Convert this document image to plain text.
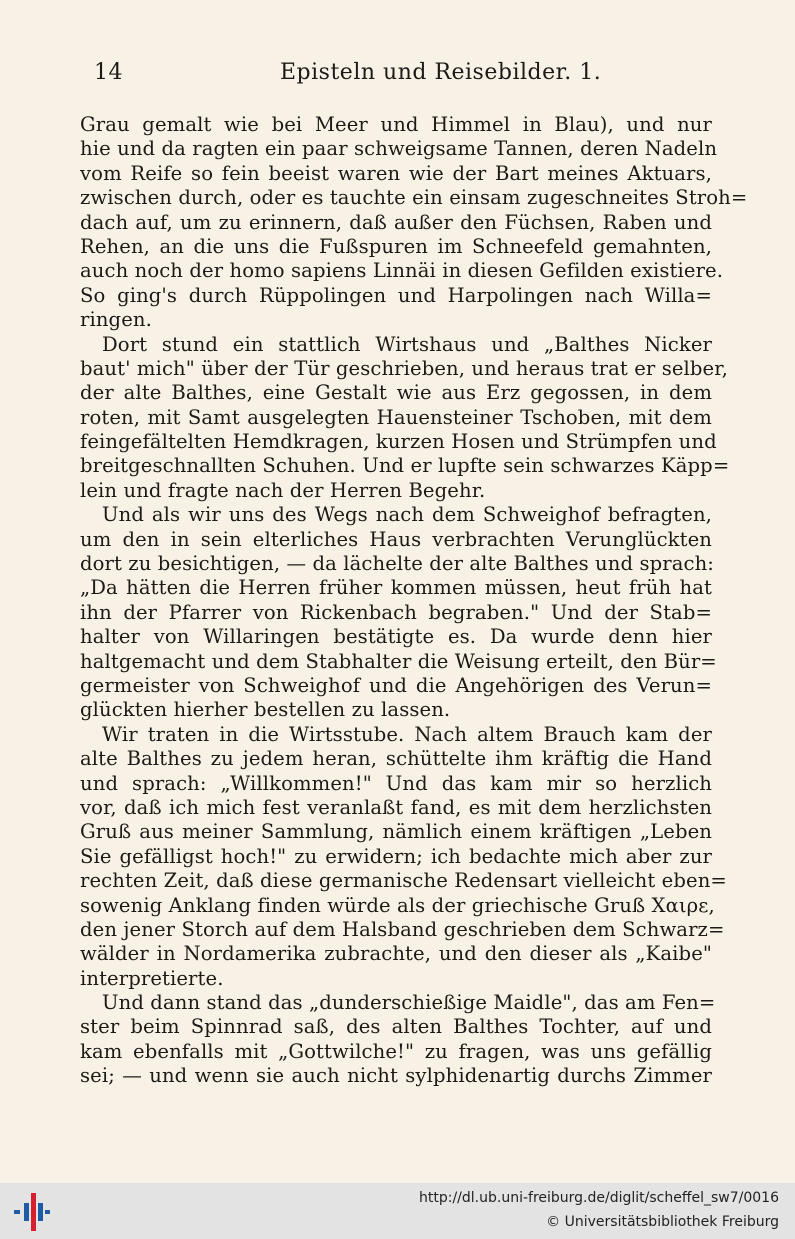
14	Episteln und Reisebilder. 1.
Grau gemalt wie bei Meer und Himmel in Blau), und nur
hie und da ragten ein paar schweigsame Tannen, deren Nadeln
vom Reife so fein beeist waren wie der Bart meines Aktuars,
zwischen durch, oder es tauchte ein einsam zugeschneites Stroh=
dach auf, um zu erinnern, daß außer den Füchsen, Raben und
Rehen, an die uns die Fußspuren im Schneefeld gemahnten,
auch noch der homo sapiens Linnäi in diesen Gefilden existiere.
So ging's durch Rüppolingen und Harpolingen nach Willa=
ringen.
Dort stund ein stattlich Wirtshaus und „Balthes Nicker
baut' mich" über der Tür geschrieben, und heraus trat er selber,
der alte Balthes, eine Gestalt wie aus Erz gegossen, in dem
roten, mit Samt ausgelegten Hauensteiner Tschoben, mit dem
feingefältelten Hemdkragen, kurzen Hosen und Strümpfen und
breitgeschnallten Schuhen. Und er lupfte sein schwarzes Käpp=
lein und fragte nach der Herren Begehr.
Und als wir uns des Wegs nach dem Schweighof befragten,
um den in sein elterliches Haus verbrachten Verunglückten
dort zu besichtigen, — da lächelte der alte Balthes und sprach:
„Da hätten die Herren früher kommen müssen, heut früh hat
ihn der Pfarrer von Rickenbach begraben." Und der Stab=
halter von Willaringen bestätigte es. Da wurde denn hier
haltgemacht und dem Stabhalter die Weisung erteilt, den Bür=
germeister von Schweighof und die Angehörigen des Verun=
glückten hierher bestellen zu lassen.
Wir traten in die Wirtsstube. Nach altem Brauch kam der
alte Balthes zu jedem heran, schüttelte ihm kräftig die Hand
und sprach: „Willkommen!" Und das kam mir so herzlich
vor, daß ich mich fest veranlaßt fand, es mit dem herzlichsten
Gruß aus meiner Sammlung, nämlich einem kräftigen „Leben
Sie gefälligst hoch!" zu erwidern; ich bedachte mich aber zur
rechten Zeit, daß diese germanische Redensart vielleicht eben=
sowenig Anklang finden würde als der griechische Gruß Χαιρε,
den jener Storch auf dem Halsband geschrieben dem Schwarz=
wälder in Nordamerika zubrachte, und den dieser als „Kaibe"
interpretierte.
Und dann stand das „dunderschießige Maidle", das am Fen=
ster beim Spinnrad saß, des alten Balthes Tochter, auf und
kam ebenfalls mit „Gottwilche!" zu fragen, was uns gefällig
sei; — und wenn sie auch nicht sylphidenartig durchs Zimmer
http://dl.ub.uni-freiburg.de/diglit/scheffel_sw7/0016
© Universitätsbibliothek Freiburg
